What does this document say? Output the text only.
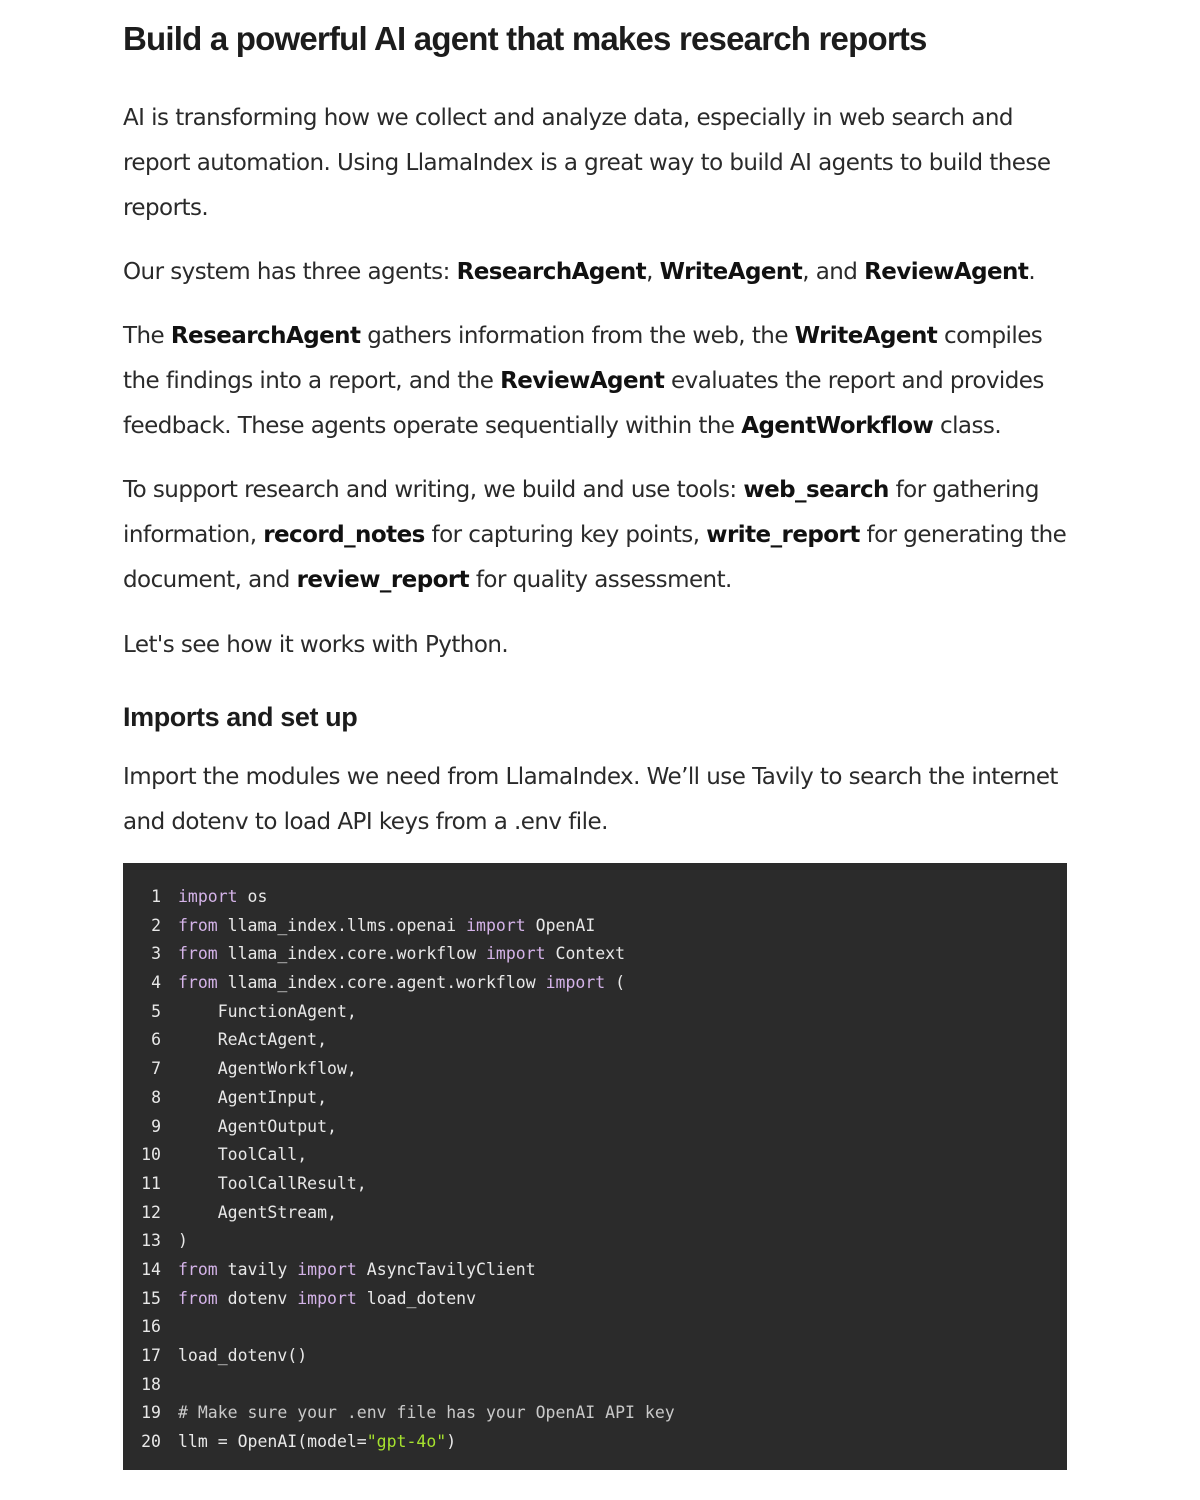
Build a powerful AI agent that makes research reports

AI is transforming how we collect and analyze data, especially in web search and report automation. Using LlamaIndex is a great way to build AI agents to build these reports.

Our system has three agents: ResearchAgent, WriteAgent, and ReviewAgent.

The ResearchAgent gathers information from the web, the WriteAgent compiles the findings into a report, and the ReviewAgent evaluates the report and provides feedback. These agents operate sequentially within the AgentWorkflow class.

To support research and writing, we build and use tools: web_search for gathering information, record_notes for capturing key points, write_report for generating the document, and review_report for quality assessment.

Let's see how it works with Python.

Imports and set up

Import the modules we need from LlamaIndex. We’ll use Tavily to search the internet and dotenv to load API keys from a .env file.

1	import os
2	from llama_index.llms.openai import OpenAI
3	from llama_index.core.workflow import Context
4	from llama_index.core.agent.workflow import (
5	FunctionAgent,
6	ReActAgent,
7	AgentWorkflow,
8	AgentInput,
9	AgentOutput,
10	ToolCall,
11	ToolCallResult,
12	AgentStream,
13	)
14	from tavily import AsyncTavilyClient
15	from dotenv import load_dotenv
16
17	load_dotenv()
18
19	# Make sure your .env file has your OpenAI API key
20	llm = OpenAI(model="gpt-4o")
